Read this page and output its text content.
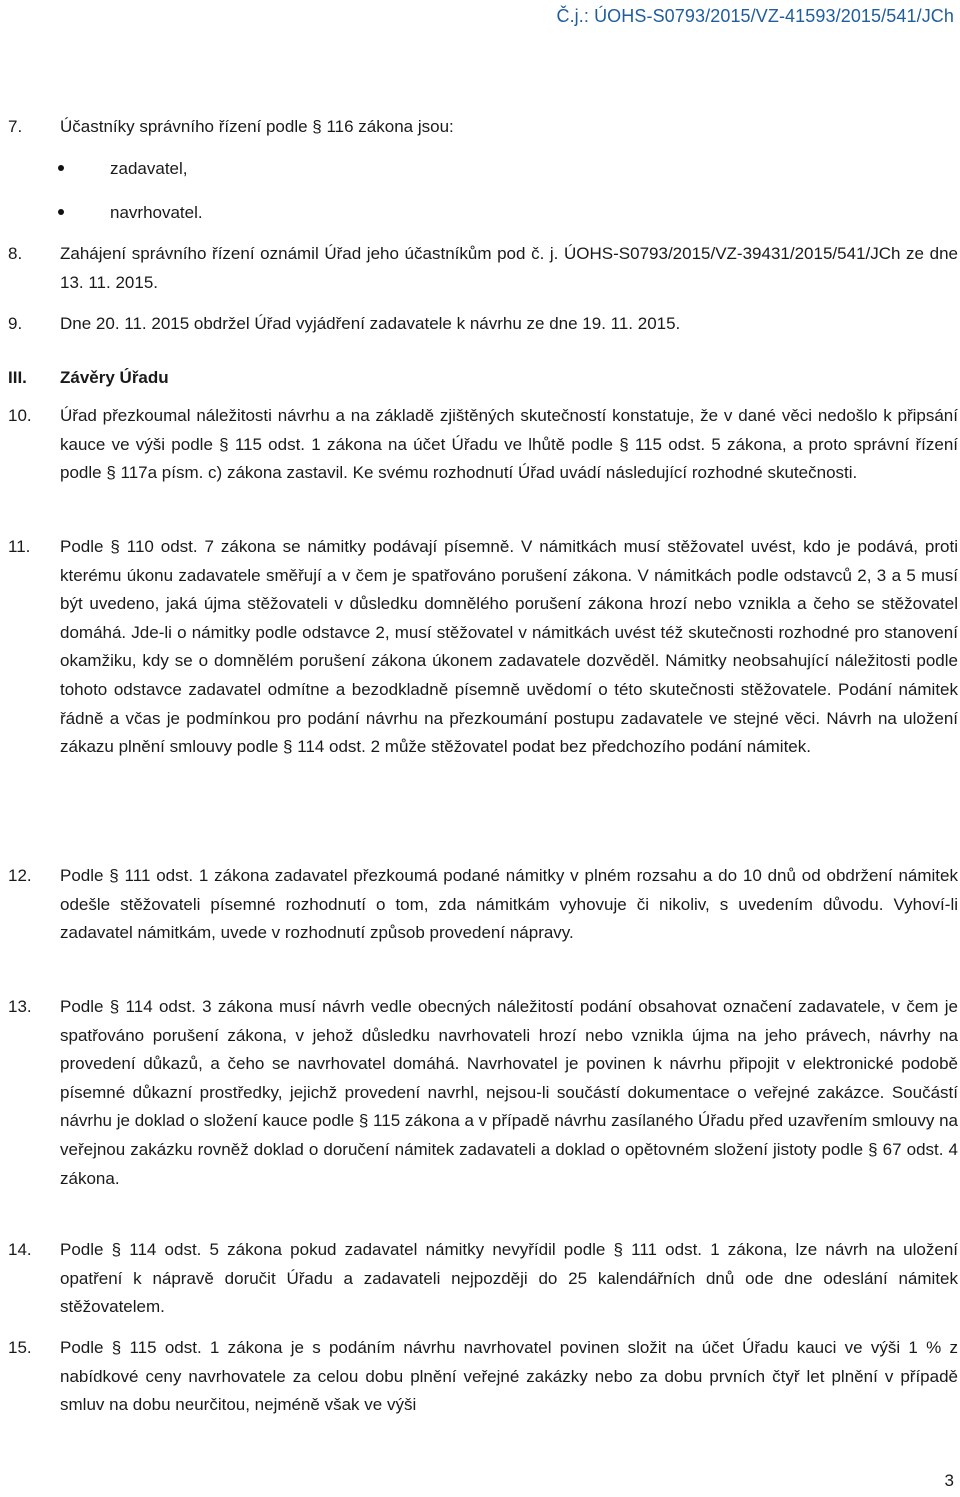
Č.j.: ÚOHS-S0793/2015/VZ-41593/2015/541/JCh
7.	Účastníky správního řízení podle § 116 zákona jsou:
zadavatel,
navrhovatel.
8.	Zahájení správního řízení oznámil Úřad jeho účastníkům pod č. j. ÚOHS-S0793/2015/VZ-39431/2015/541/JCh ze dne 13. 11. 2015.
9.	Dne 20. 11. 2015 obdržel Úřad vyjádření zadavatele k návrhu ze dne 19. 11. 2015.
III. Závěry Úřadu
10.	Úřad přezkoumal náležitosti návrhu a na základě zjištěných skutečností konstatuje, že v dané věci nedošlo k připsání kauce ve výši podle § 115 odst. 1 zákona na účet Úřadu ve lhůtě podle § 115 odst. 5 zákona, a proto správní řízení podle § 117a písm. c) zákona zastavil. Ke svému rozhodnutí Úřad uvádí následující rozhodné skutečnosti.
11.	Podle § 110 odst. 7 zákona se námitky podávají písemně. V námitkách musí stěžovatel uvést, kdo je podává, proti kterému úkonu zadavatele směřují a v čem je spatřováno porušení zákona. V námitkách podle odstavců 2, 3 a 5 musí být uvedeno, jaká újma stěžovateli v důsledku domnělého porušení zákona hrozí nebo vznikla a čeho se stěžovatel domáhá. Jde-li o námitky podle odstavce 2, musí stěžovatel v námitkách uvést též skutečnosti rozhodné pro stanovení okamžiku, kdy se o domnělém porušení zákona úkonem zadavatele dozvěděl. Námitky neobsahující náležitosti podle tohoto odstavce zadavatel odmítne a bezodkladně písemně uvědomí o této skutečnosti stěžovatele. Podání námitek řádně a včas je podmínkou pro podání návrhu na přezkoumání postupu zadavatele ve stejné věci. Návrh na uložení zákazu plnění smlouvy podle § 114 odst. 2 může stěžovatel podat bez předchozího podání námitek.
12.	Podle § 111 odst. 1 zákona zadavatel přezkoumá podané námitky v plném rozsahu a do 10 dnů od obdržení námitek odešle stěžovateli písemné rozhodnutí o tom, zda námitkám vyhovuje či nikoliv, s uvedením důvodu. Vyhoví-li zadavatel námitkám, uvede v rozhodnutí způsob provedení nápravy.
13.	Podle § 114 odst. 3 zákona musí návrh vedle obecných náležitostí podání obsahovat označení zadavatele, v čem je spatřováno porušení zákona, v jehož důsledku navrhovateli hrozí nebo vznikla újma na jeho právech, návrhy na provedení důkazů, a čeho se navrhovatel domáhá. Navrhovatel je povinen k návrhu připojit v elektronické podobě písemné důkazní prostředky, jejichž provedení navrhl, nejsou-li součástí dokumentace o veřejné zakázce. Součástí návrhu je doklad o složení kauce podle § 115 zákona a v případě návrhu zasílaného Úřadu před uzavřením smlouvy na veřejnou zakázku rovněž doklad o doručení námitek zadavateli a doklad o opětovném složení jistoty podle § 67 odst. 4 zákona.
14.	Podle § 114 odst. 5 zákona pokud zadavatel námitky nevyřídil podle § 111 odst. 1 zákona, lze návrh na uložení opatření k nápravě doručit Úřadu a zadavateli nejpozději do 25 kalendářních dnů ode dne odeslání námitek stěžovatelem.
15.	Podle § 115 odst. 1 zákona je s podáním návrhu navrhovatel povinen složit na účet Úřadu kauci ve výši 1 % z nabídkové ceny navrhovatele za celou dobu plnění veřejné zakázky nebo za dobu prvních čtyř let plnění v případě smluv na dobu neurčitou, nejméně však ve výši
3
